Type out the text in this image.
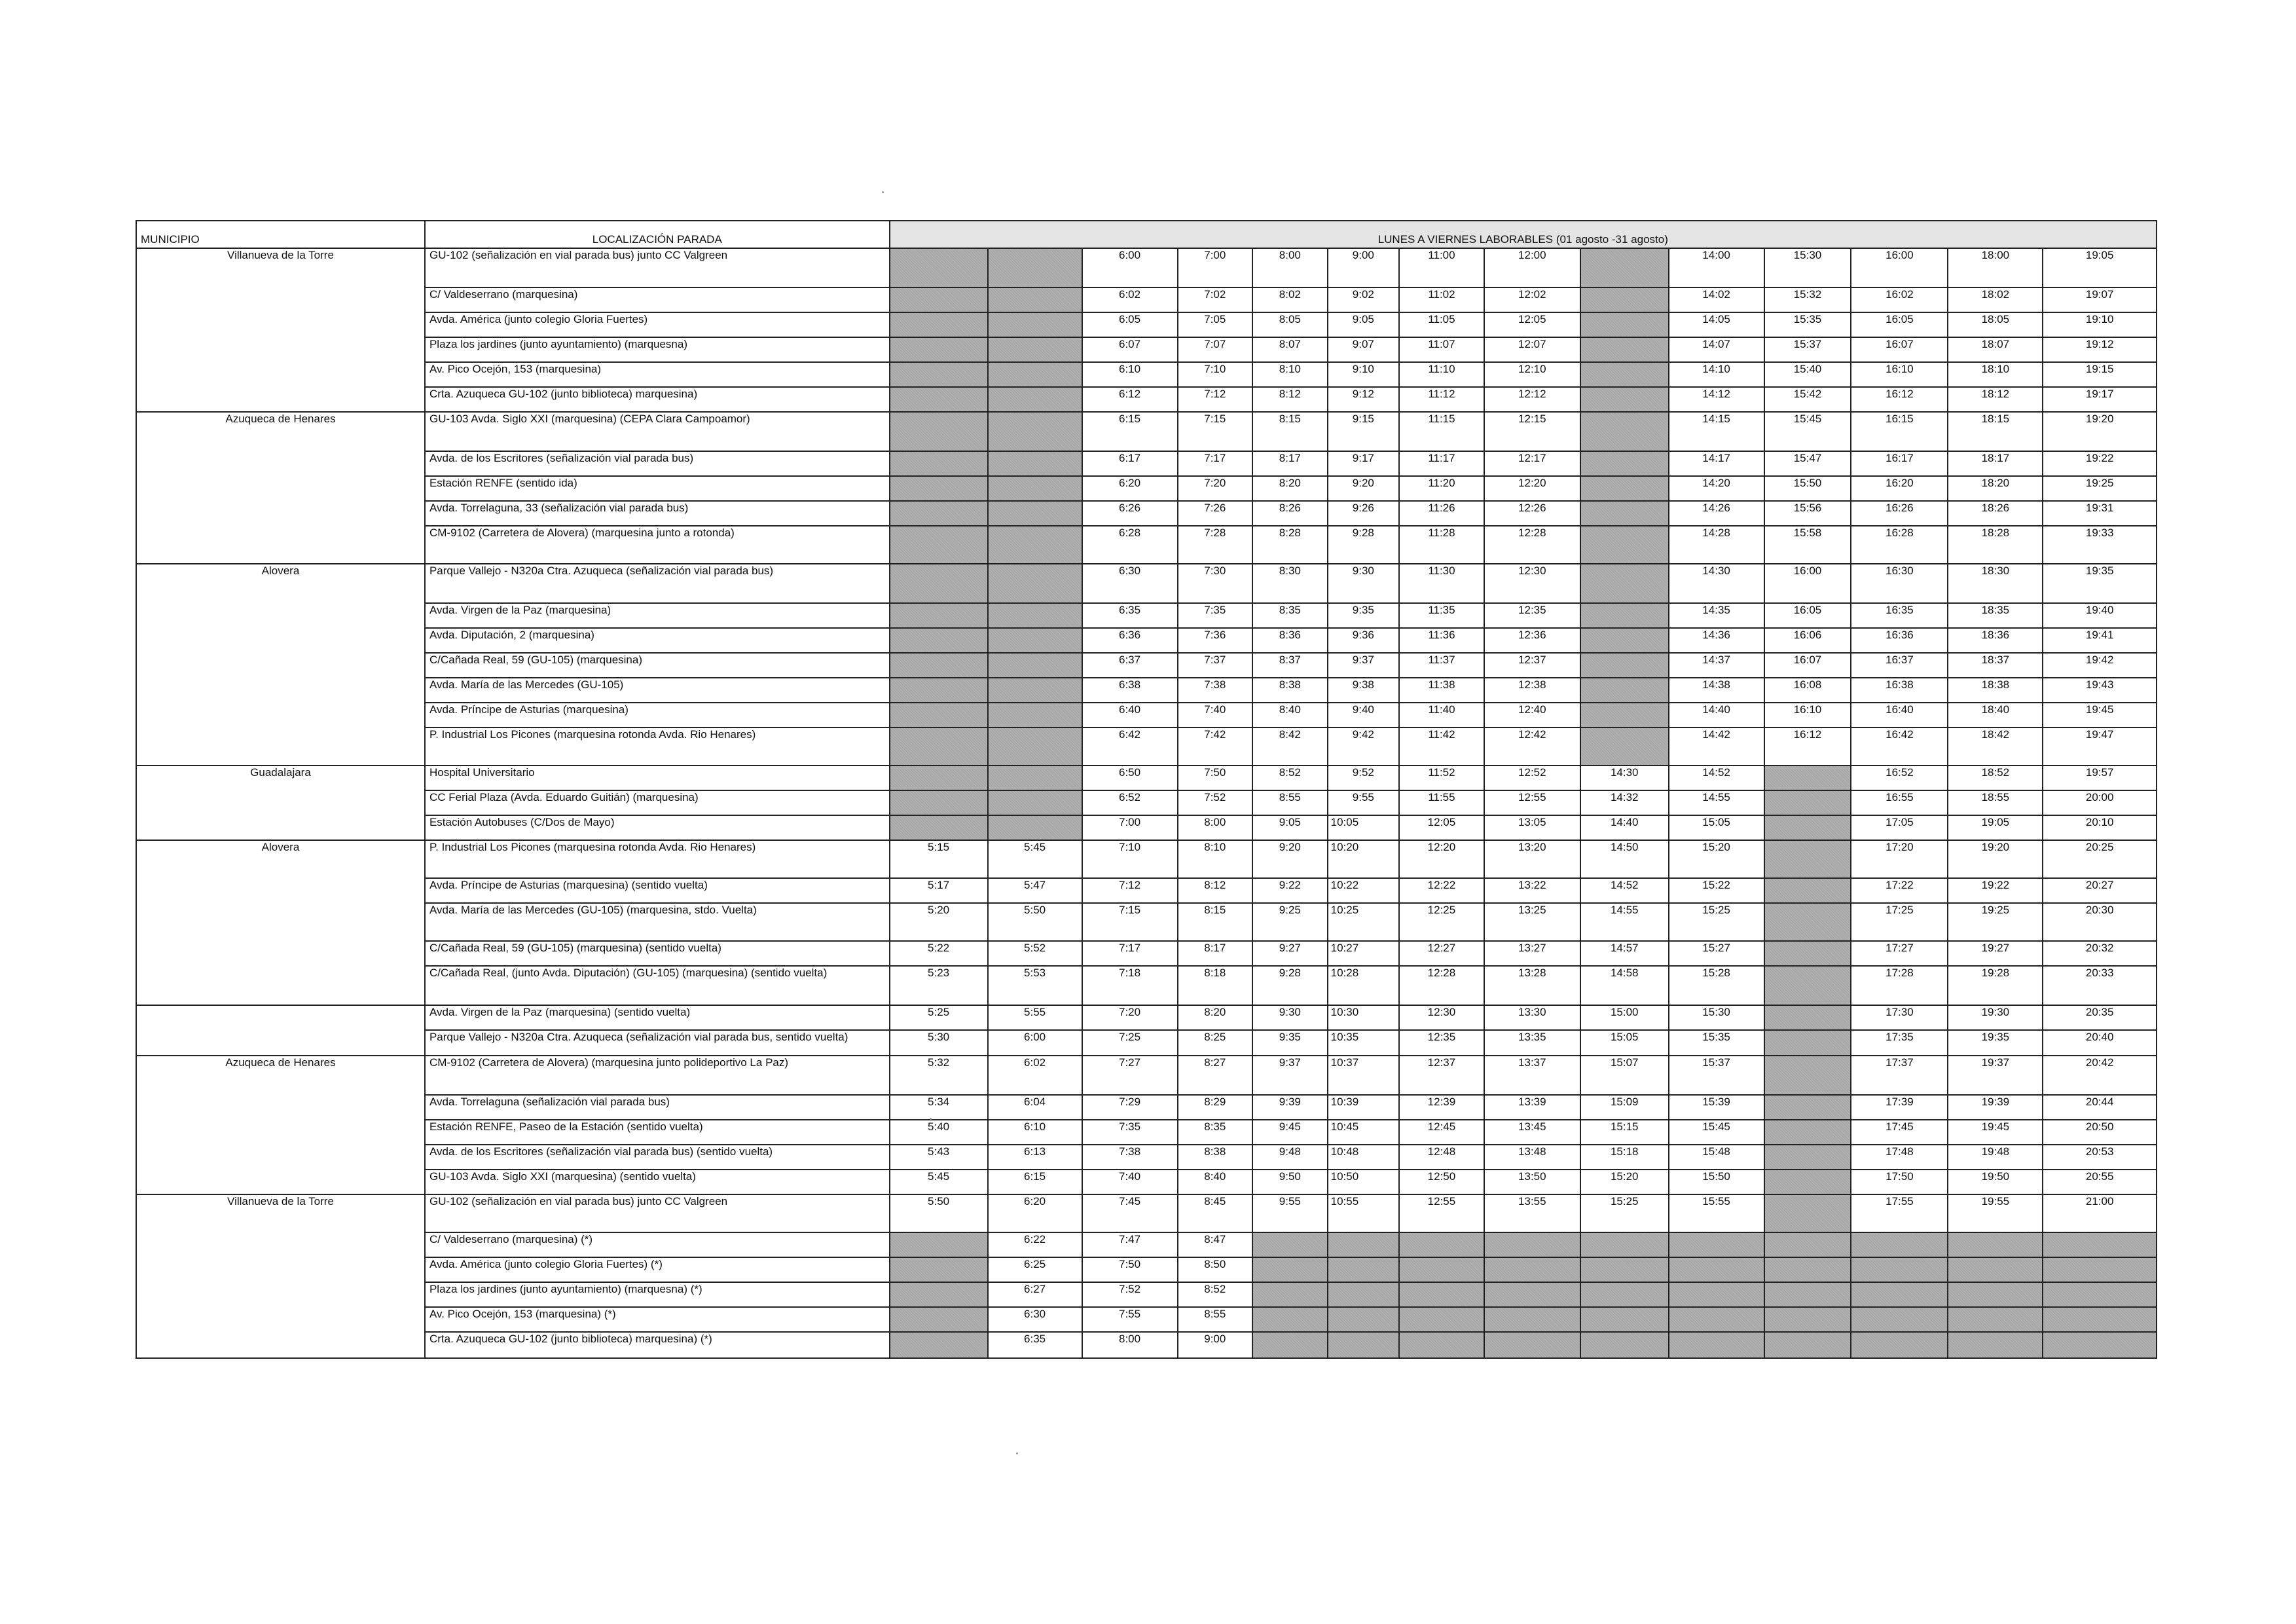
MUNICIPIO	LOCALIZACIÓN PARADA	LUNES A VIERNES LABORABLES (01 agosto -31 agosto)													
Villanueva de la Torre	GU-102 (señalización en vial parada bus) junto CC Valgreen			6:00	7:00	8:00	9:00	11:00	12:00		14:00	15:30	16:00	18:00	19:05
	C/ Valdeserrano (marquesina)			6:02	7:02	8:02	9:02	11:02	12:02		14:02	15:32	16:02	18:02	19:07
	Avda. América (junto colegio Gloria Fuertes)			6:05	7:05	8:05	9:05	11:05	12:05		14:05	15:35	16:05	18:05	19:10
	Plaza los jardines (junto ayuntamiento) (marquesna)			6:07	7:07	8:07	9:07	11:07	12:07		14:07	15:37	16:07	18:07	19:12
	Av. Pico Ocejón, 153 (marquesina)			6:10	7:10	8:10	9:10	11:10	12:10		14:10	15:40	16:10	18:10	19:15
	Crta. Azuqueca GU-102 (junto biblioteca) marquesina)			6:12	7:12	8:12	9:12	11:12	12:12		14:12	15:42	16:12	18:12	19:17
Azuqueca de Henares	GU-103 Avda. Siglo XXI (marquesina) (CEPA Clara Campoamor)			6:15	7:15	8:15	9:15	11:15	12:15		14:15	15:45	16:15	18:15	19:20
	Avda. de los Escritores (señalización vial parada bus)			6:17	7:17	8:17	9:17	11:17	12:17		14:17	15:47	16:17	18:17	19:22
	Estación RENFE (sentido ida)			6:20	7:20	8:20	9:20	11:20	12:20		14:20	15:50	16:20	18:20	19:25
	Avda. Torrelaguna, 33 (señalización vial parada bus)			6:26	7:26	8:26	9:26	11:26	12:26		14:26	15:56	16:26	18:26	19:31
	CM-9102 (Carretera de Alovera) (marquesina junto a rotonda)			6:28	7:28	8:28	9:28	11:28	12:28		14:28	15:58	16:28	18:28	19:33
Alovera	Parque Vallejo - N320a Ctra. Azuqueca (señalización vial parada bus)			6:30	7:30	8:30	9:30	11:30	12:30		14:30	16:00	16:30	18:30	19:35
	Avda. Virgen de la Paz (marquesina)			6:35	7:35	8:35	9:35	11:35	12:35		14:35	16:05	16:35	18:35	19:40
	Avda. Diputación, 2 (marquesina)			6:36	7:36	8:36	9:36	11:36	12:36		14:36	16:06	16:36	18:36	19:41
	C/Cañada Real, 59 (GU-105) (marquesina)			6:37	7:37	8:37	9:37	11:37	12:37		14:37	16:07	16:37	18:37	19:42
	Avda. María de las Mercedes (GU-105)			6:38	7:38	8:38	9:38	11:38	12:38		14:38	16:08	16:38	18:38	19:43
	Avda. Príncipe de Asturias (marquesina)			6:40	7:40	8:40	9:40	11:40	12:40		14:40	16:10	16:40	18:40	19:45
	P. Industrial Los Picones (marquesina rotonda Avda. Rio Henares)			6:42	7:42	8:42	9:42	11:42	12:42		14:42	16:12	16:42	18:42	19:47
Guadalajara	Hospital Universitario			6:50	7:50	8:52	9:52	11:52	12:52	14:30	14:52		16:52	18:52	19:57
	CC Ferial Plaza (Avda. Eduardo Guitián) (marquesina)			6:52	7:52	8:55	9:55	11:55	12:55	14:32	14:55		16:55	18:55	20:00
	Estación Autobuses (C/Dos de Mayo)			7:00	8:00	9:05	10:05	12:05	13:05	14:40	15:05		17:05	19:05	20:10
Alovera	P. Industrial Los Picones (marquesina rotonda Avda. Rio Henares)	5:15	5:45	7:10	8:10	9:20	10:20	12:20	13:20	14:50	15:20		17:20	19:20	20:25
	Avda. Príncipe de Asturias (marquesina) (sentido vuelta)	5:17	5:47	7:12	8:12	9:22	10:22	12:22	13:22	14:52	15:22		17:22	19:22	20:27
	Avda. María de las Mercedes (GU-105) (marquesina, stdo. Vuelta)	5:20	5:50	7:15	8:15	9:25	10:25	12:25	13:25	14:55	15:25		17:25	19:25	20:30
	C/Cañada Real, 59 (GU-105) (marquesina) (sentido vuelta)	5:22	5:52	7:17	8:17	9:27	10:27	12:27	13:27	14:57	15:27		17:27	19:27	20:32
	C/Cañada Real, (junto Avda. Diputación) (GU-105) (marquesina) (sentido vuelta)	5:23	5:53	7:18	8:18	9:28	10:28	12:28	13:28	14:58	15:28		17:28	19:28	20:33
	Avda. Virgen de la Paz (marquesina) (sentido vuelta)	5:25	5:55	7:20	8:20	9:30	10:30	12:30	13:30	15:00	15:30		17:30	19:30	20:35
	Parque Vallejo - N320a Ctra. Azuqueca (señalización vial parada bus, sentido vuelta)	5:30	6:00	7:25	8:25	9:35	10:35	12:35	13:35	15:05	15:35		17:35	19:35	20:40
Azuqueca de Henares	CM-9102 (Carretera de Alovera) (marquesina junto polideportivo La Paz)	5:32	6:02	7:27	8:27	9:37	10:37	12:37	13:37	15:07	15:37		17:37	19:37	20:42
	Avda. Torrelaguna (señalización vial parada bus)	5:34	6:04	7:29	8:29	9:39	10:39	12:39	13:39	15:09	15:39		17:39	19:39	20:44
	Estación RENFE, Paseo de la Estación (sentido vuelta)	5:40	6:10	7:35	8:35	9:45	10:45	12:45	13:45	15:15	15:45		17:45	19:45	20:50
	Avda. de los Escritores (señalización vial parada bus) (sentido vuelta)	5:43	6:13	7:38	8:38	9:48	10:48	12:48	13:48	15:18	15:48		17:48	19:48	20:53
	GU-103 Avda. Siglo XXI (marquesina) (sentido vuelta)	5:45	6:15	7:40	8:40	9:50	10:50	12:50	13:50	15:20	15:50		17:50	19:50	20:55
Villanueva de la Torre	GU-102 (señalización en vial parada bus) junto CC Valgreen	5:50	6:20	7:45	8:45	9:55	10:55	12:55	13:55	15:25	15:55		17:55	19:55	21:00
	C/ Valdeserrano (marquesina) (*)		6:22	7:47	8:47										
	Avda. América (junto colegio Gloria Fuertes) (*)		6:25	7:50	8:50										
	Plaza los jardines (junto ayuntamiento) (marquesna) (*)		6:27	7:52	8:52										
	Av. Pico Ocejón, 153 (marquesina) (*)		6:30	7:55	8:55										
	Crta. Azuqueca GU-102 (junto biblioteca) marquesina) (*)		6:35	8:00	9:00										
